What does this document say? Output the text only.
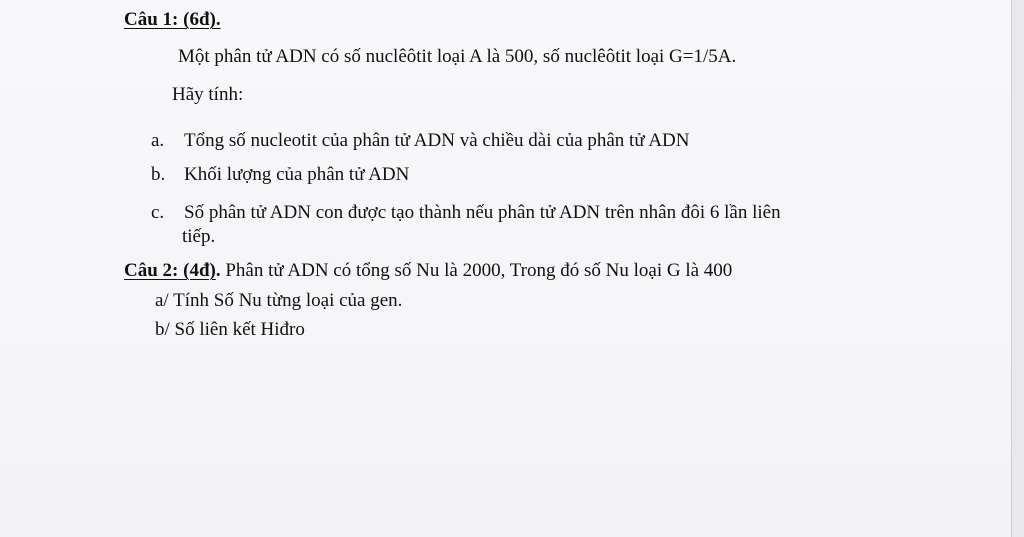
Câu 1: (6đ).
Một phân tử ADN có số nuclêôtit loại A là 500, số nuclêôtit loại G=1/5A.
Hãy tính:
a. Tổng số nucleotit của phân tử ADN và chiều dài của phân tử ADN
b. Khối lượng của phân tử ADN
c. Số phân tử ADN con được tạo thành nếu phân tử ADN trên nhân đôi 6 lần liên
tiếp.
Câu 2: (4đ). Phân tử ADN có tổng số Nu là 2000, Trong đó số Nu loại G là 400
a/ Tính Số Nu từng loại của gen.
b/ Số liên kết Hiđro
